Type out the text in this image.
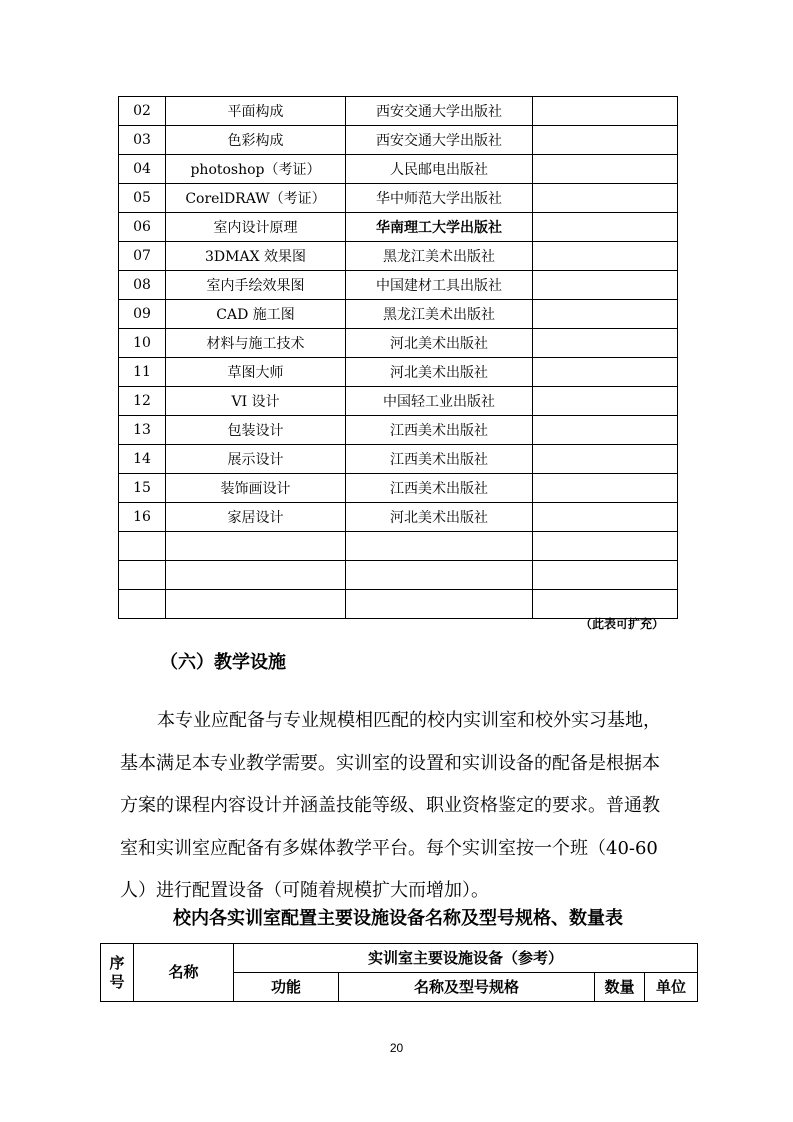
02	平面构成	西安交通大学出版社	
03	色彩构成	西安交通大学出版社	
04	photoshop（考证）	人民邮电出版社	
05	CorelDRAW（考证）	华中师范大学出版社	
06	室内设计原理	华南理工大学出版社	
07	3DMAX 效果图	黑龙江美术出版社	
08	室内手绘效果图	中国建材工具出版社	
09	CAD 施工图	黑龙江美术出版社	
10	材料与施工技术	河北美术出版社	
11	草图大师	河北美术出版社	
12	VI 设计	中国轻工业出版社	
13	包装设计	江西美术出版社	
14	展示设计	江西美术出版社	
15	装饰画设计	江西美术出版社	
16	家居设计	河北美术出版社	

（此表可扩充）
（六）教学设施
本专业应配备与专业规模相匹配的校内实训室和校外实习基地，
基本满足本专业教学需要。实训室的设置和实训设备的配备是根据本
方案的课程内容设计并涵盖技能等级、职业资格鉴定的要求。普通教
室和实训室应配备有多媒体教学平台。每个实训室按一个班（40-60
人）进行配置设备（可随着规模扩大而增加）。
校内各实训室配置主要设施设备名称及型号规格、数量表
序号	名称	实训室主要设施设备（参考）			
		功能	名称及型号规格	数量	单位
20
